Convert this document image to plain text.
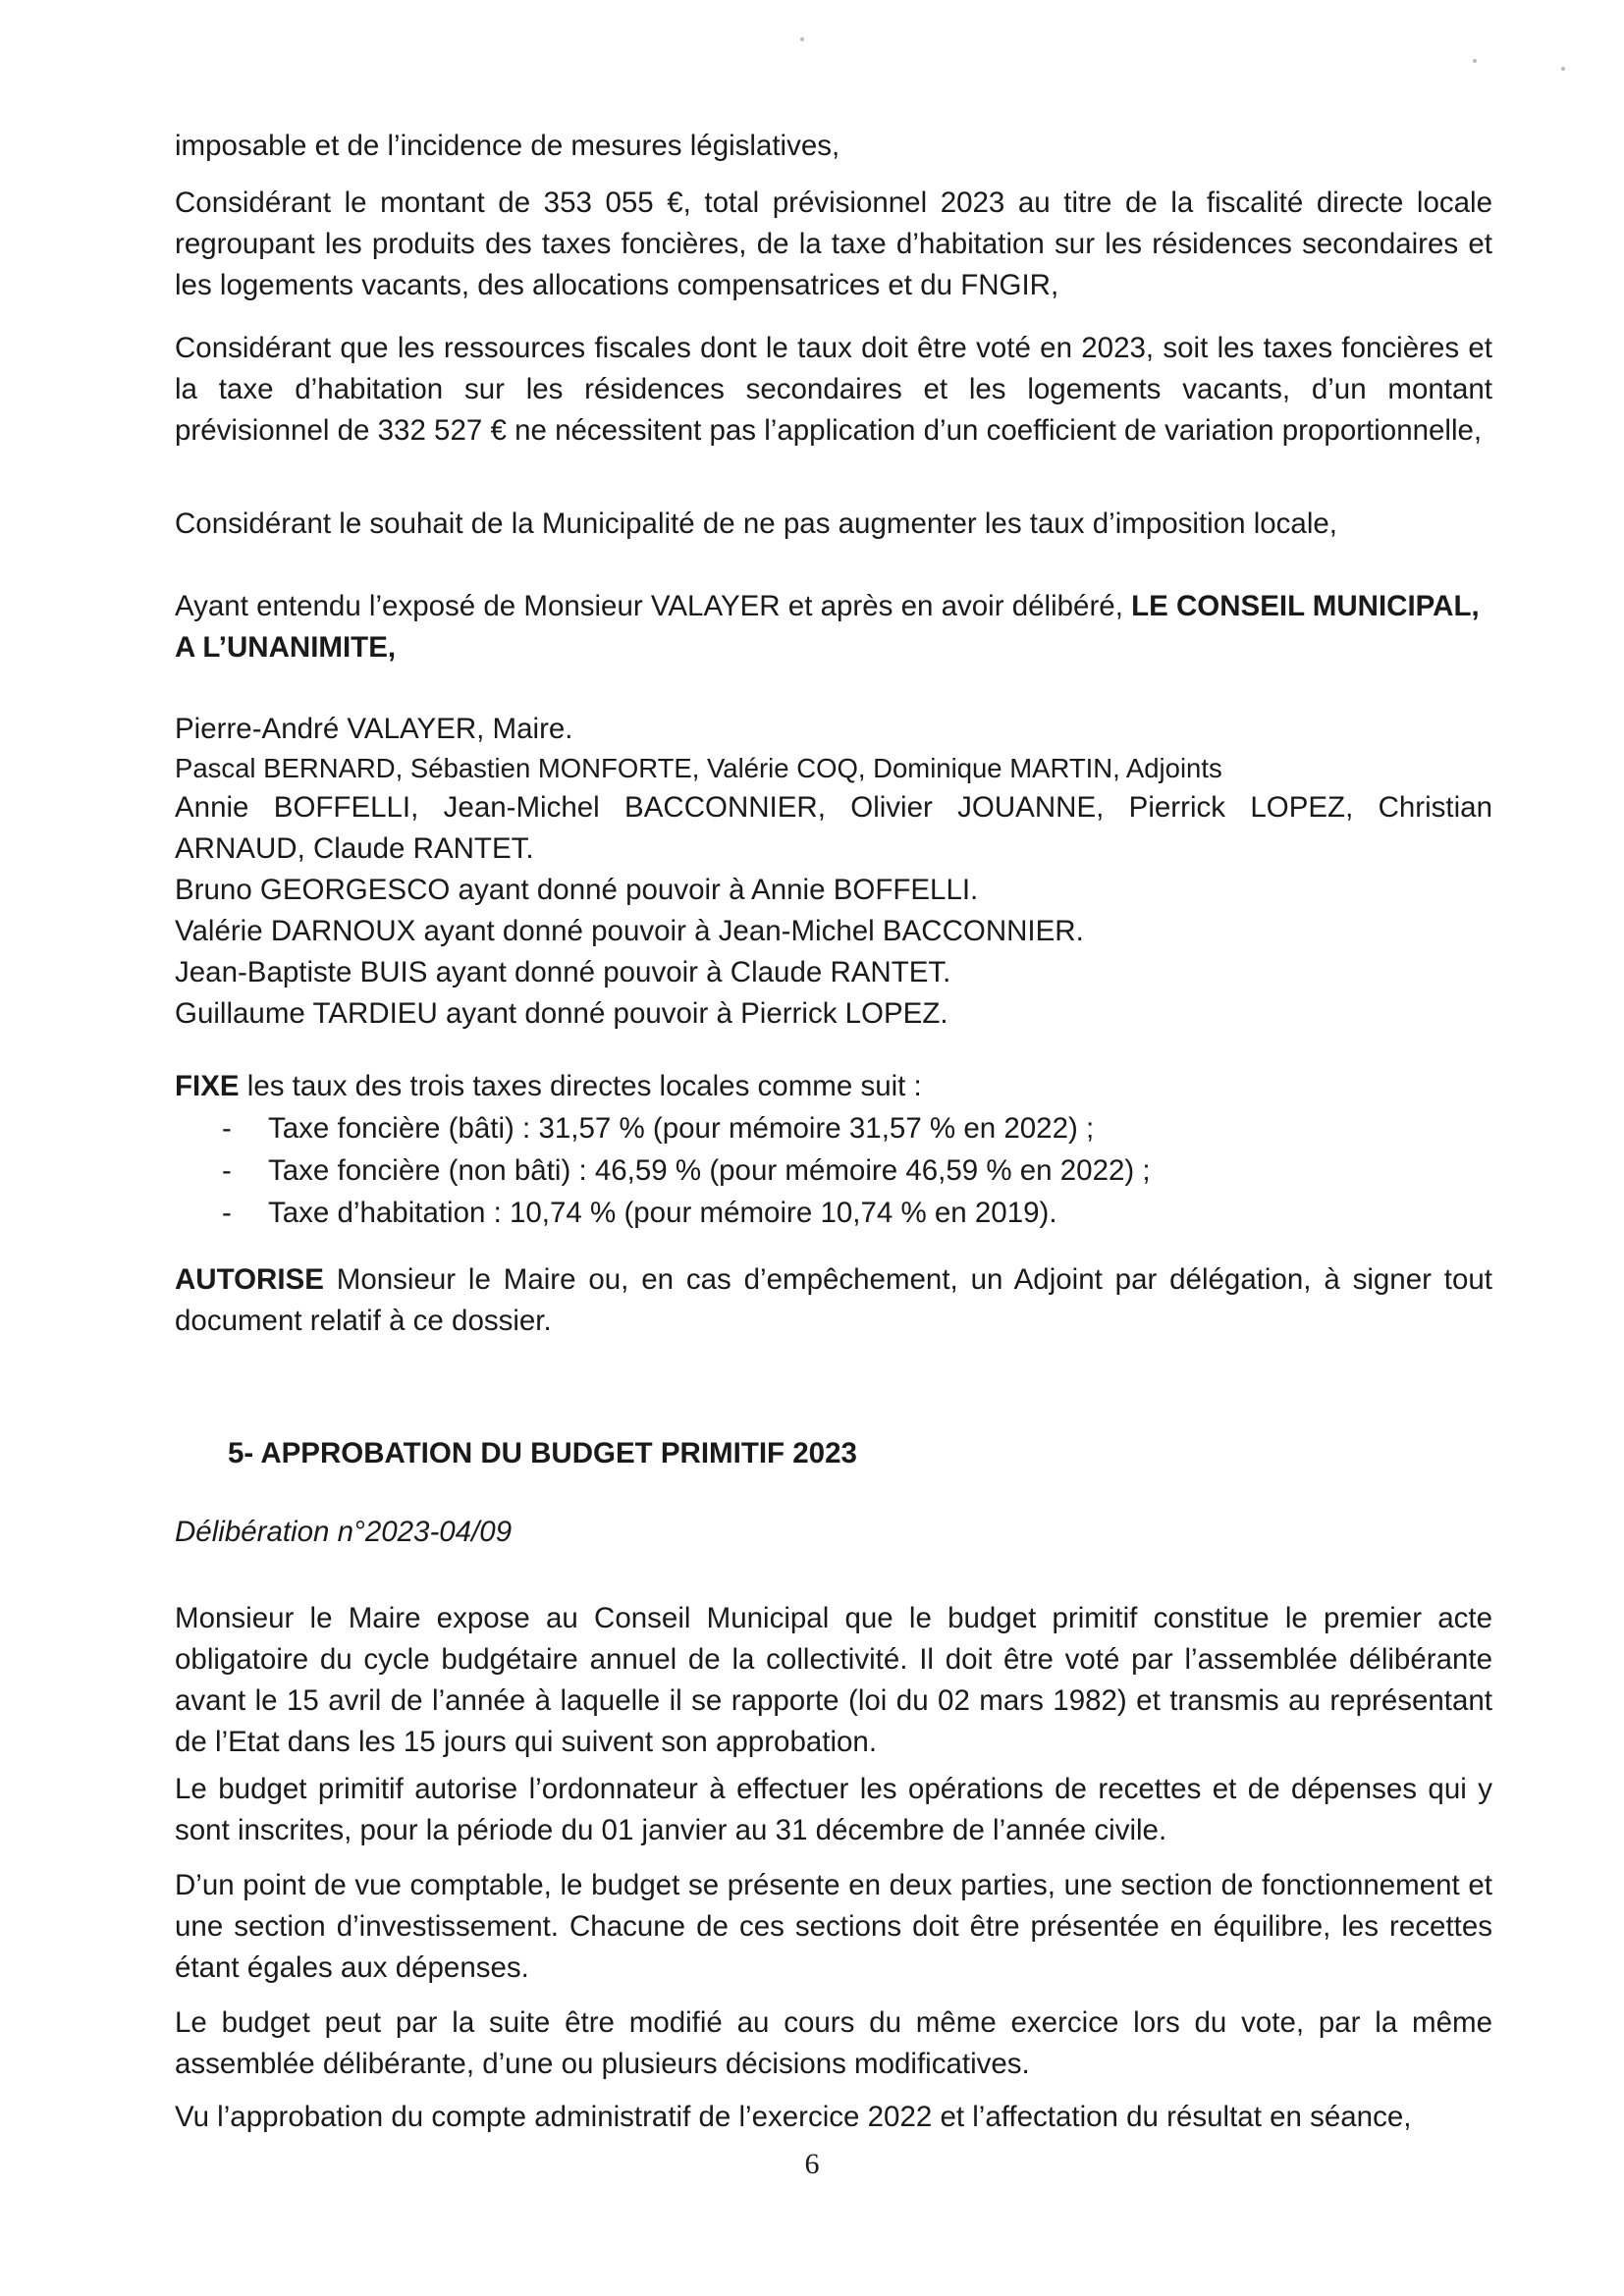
imposable et de l’incidence de mesures législatives,

Considérant le montant de 353 055 €, total prévisionnel 2023 au titre de la fiscalité directe locale regroupant les produits des taxes foncières, de la taxe d’habitation sur les résidences secondaires et les logements vacants, des allocations compensatrices et du FNGIR,

Considérant que les ressources fiscales dont le taux doit être voté en 2023, soit les taxes foncières et la taxe d’habitation sur les résidences secondaires et les logements vacants, d’un montant prévisionnel de 332 527 € ne nécessitent pas l’application d’un coefficient de variation proportionnelle,

Considérant le souhait de la Municipalité de ne pas augmenter les taux d’imposition locale,

Ayant entendu l’exposé de Monsieur VALAYER et après en avoir délibéré, LE CONSEIL MUNICIPAL, A L’UNANIMITE,

Pierre-André VALAYER, Maire.

Pascal BERNARD, Sébastien MONFORTE, Valérie COQ, Dominique MARTIN, Adjoints

Annie BOFFELLI, Jean-Michel BACCONNIER, Olivier JOUANNE, Pierrick LOPEZ, Christian ARNAUD, Claude RANTET.

Bruno GEORGESCO ayant donné pouvoir à Annie BOFFELLI.

Valérie DARNOUX ayant donné pouvoir à Jean-Michel BACCONNIER.

Jean-Baptiste BUIS ayant donné pouvoir à Claude RANTET.

Guillaume TARDIEU ayant donné pouvoir à Pierrick LOPEZ.

FIXE les taux des trois taxes directes locales comme suit :

- Taxe foncière (bâti) : 31,57 % (pour mémoire 31,57 % en 2022) ;
- Taxe foncière (non bâti) : 46,59 % (pour mémoire 46,59 % en 2022) ;
- Taxe d’habitation : 10,74 % (pour mémoire 10,74 % en 2019).

AUTORISE Monsieur le Maire ou, en cas d’empêchement, un Adjoint par délégation, à signer tout document relatif à ce dossier.

5- APPROBATION DU BUDGET PRIMITIF 2023

Délibération n°2023-04/09

Monsieur le Maire expose au Conseil Municipal que le budget primitif constitue le premier acte obligatoire du cycle budgétaire annuel de la collectivité. Il doit être voté par l’assemblée délibérante avant le 15 avril de l’année à laquelle il se rapporte (loi du 02 mars 1982) et transmis au représentant de l’Etat dans les 15 jours qui suivent son approbation.

Le budget primitif autorise l’ordonnateur à effectuer les opérations de recettes et de dépenses qui y sont inscrites, pour la période du 01 janvier au 31 décembre de l’année civile.

D’un point de vue comptable, le budget se présente en deux parties, une section de fonctionnement et une section d’investissement. Chacune de ces sections doit être présentée en équilibre, les recettes étant égales aux dépenses.

Le budget peut par la suite être modifié au cours du même exercice lors du vote, par la même assemblée délibérante, d’une ou plusieurs décisions modificatives.

Vu l’approbation du compte administratif de l’exercice 2022 et l’affectation du résultat en séance,

6
